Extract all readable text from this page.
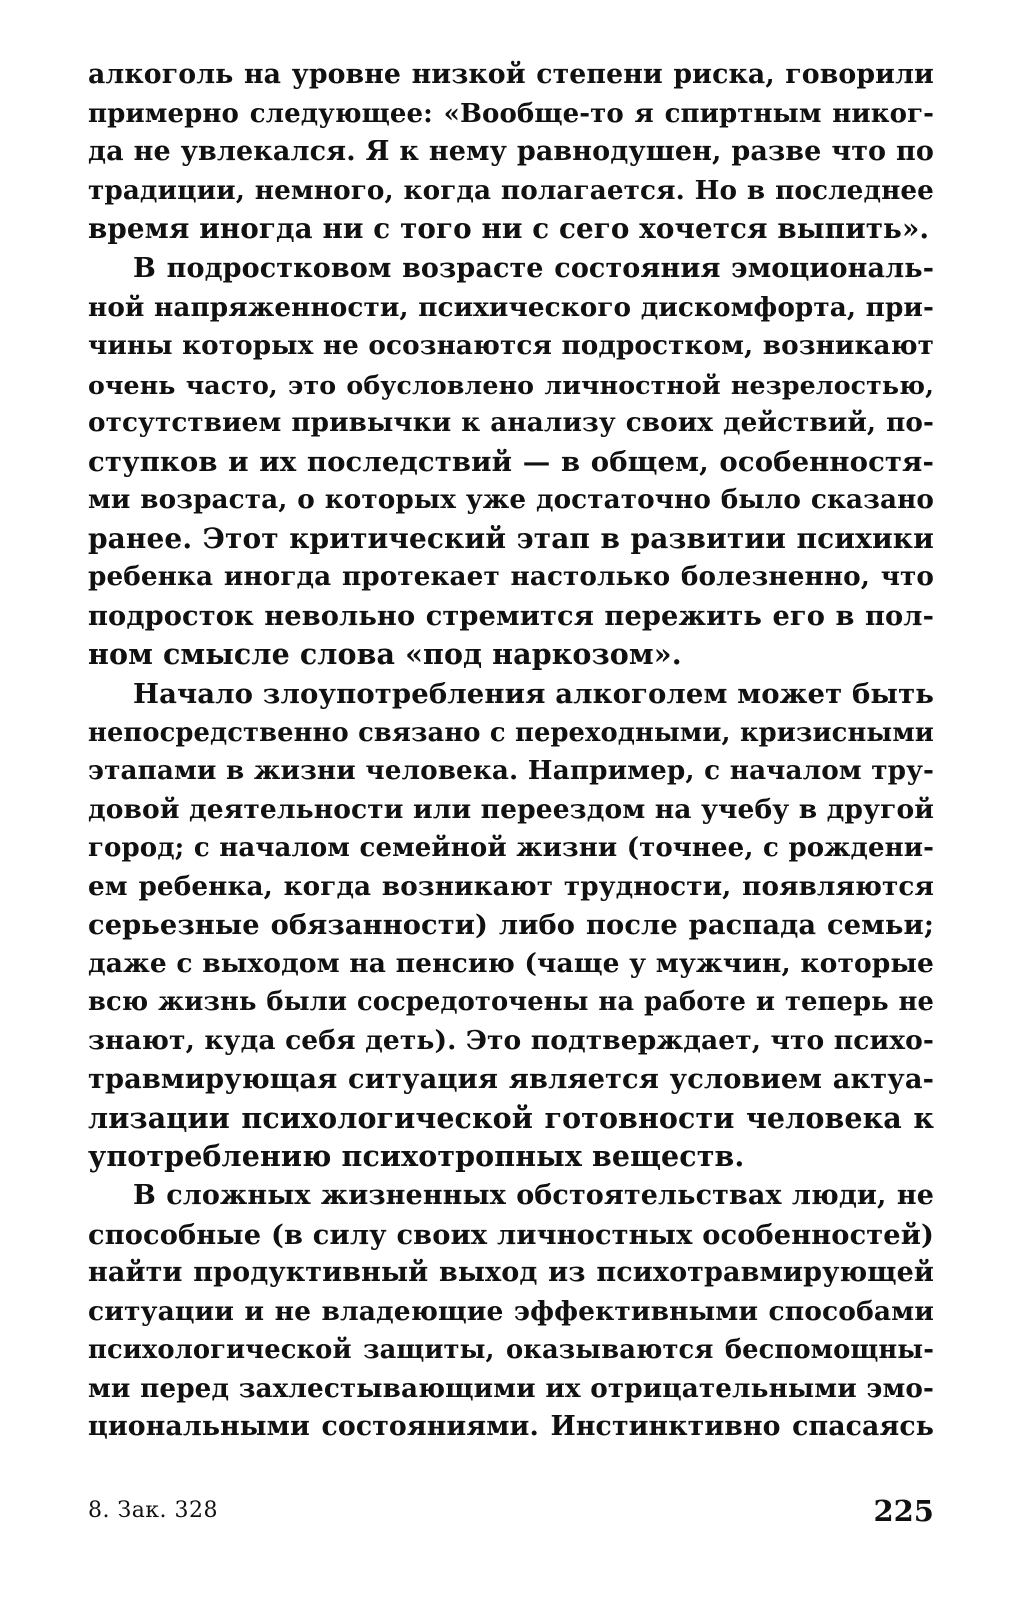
алкоголь на уровне низкой степени риска, говорили
примерно следующее: «Вообще-то я спиртным никог-
да не увлекался. Я к нему равнодушен, разве что по
традиции, немного, когда полагается. Но в последнее
время иногда ни с того ни с сего хочется выпить».
В подростковом возрасте состояния эмоциональ-
ной напряженности, психического дискомфорта, при-
чины которых не осознаются подростком, возникают
очень часто, это обусловлено личностной незрелостью,
отсутствием привычки к анализу своих действий, по-
ступков и их последствий — в общем, особенностя-
ми возраста, о которых уже достаточно было сказано
ранее. Этот критический этап в развитии психики
ребенка иногда протекает настолько болезненно, что
подросток невольно стремится пережить его в пол-
ном смысле слова «под наркозом».
Начало злоупотребления алкоголем может быть
непосредственно связано с переходными, кризисными
этапами в жизни человека. Например, с началом тру-
довой деятельности или переездом на учебу в другой
город; с началом семейной жизни (точнее, с рождени-
ем ребенка, когда возникают трудности, появляются
серьезные обязанности) либо после распада семьи;
даже с выходом на пенсию (чаще у мужчин, которые
всю жизнь были сосредоточены на работе и теперь не
знают, куда себя деть). Это подтверждает, что психо-
травмирующая ситуация является условием актуа-
лизации психологической готовности человека к
употреблению психотропных веществ.
В сложных жизненных обстоятельствах люди, не
способные (в силу своих личностных особенностей)
найти продуктивный выход из психотравмирующей
ситуации и не владеющие эффективными способами
психологической защиты, оказываются беспомощны-
ми перед захлестывающими их отрицательными эмо-
циональными состояниями. Инстинктивно спасаясь
8. Зак. 328	225
